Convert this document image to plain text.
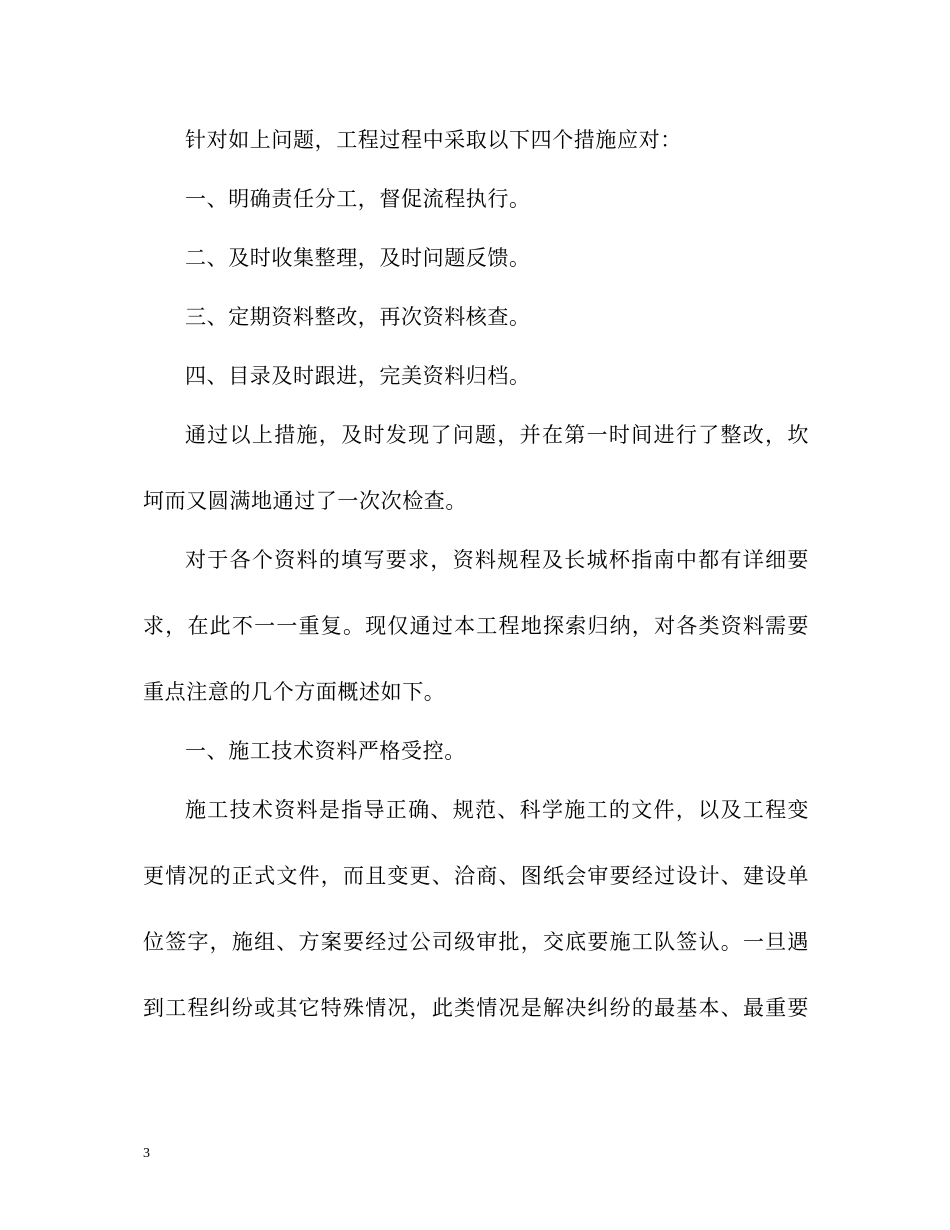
针对如上问题，工程过程中采取以下四个措施应对：
一、明确责任分工，督促流程执行。
二、及时收集整理，及时问题反馈。
三、定期资料整改，再次资料核查。
四、目录及时跟进，完美资料归档。
通过以上措施，及时发现了问题，并在第一时间进行了整改，坎
坷而又圆满地通过了一次次检查。
对于各个资料的填写要求，资料规程及长城杯指南中都有详细要
求，在此不一一重复。现仅通过本工程地探索归纳，对各类资料需要
重点注意的几个方面概述如下。
一、施工技术资料严格受控。
施工技术资料是指导正确、规范、科学施工的文件，以及工程变
更情况的正式文件，而且变更、洽商、图纸会审要经过设计、建设单
位签字，施组、方案要经过公司级审批，交底要施工队签认。一旦遇
到工程纠纷或其它特殊情况，此类情况是解决纠纷的最基本、最重要
3
